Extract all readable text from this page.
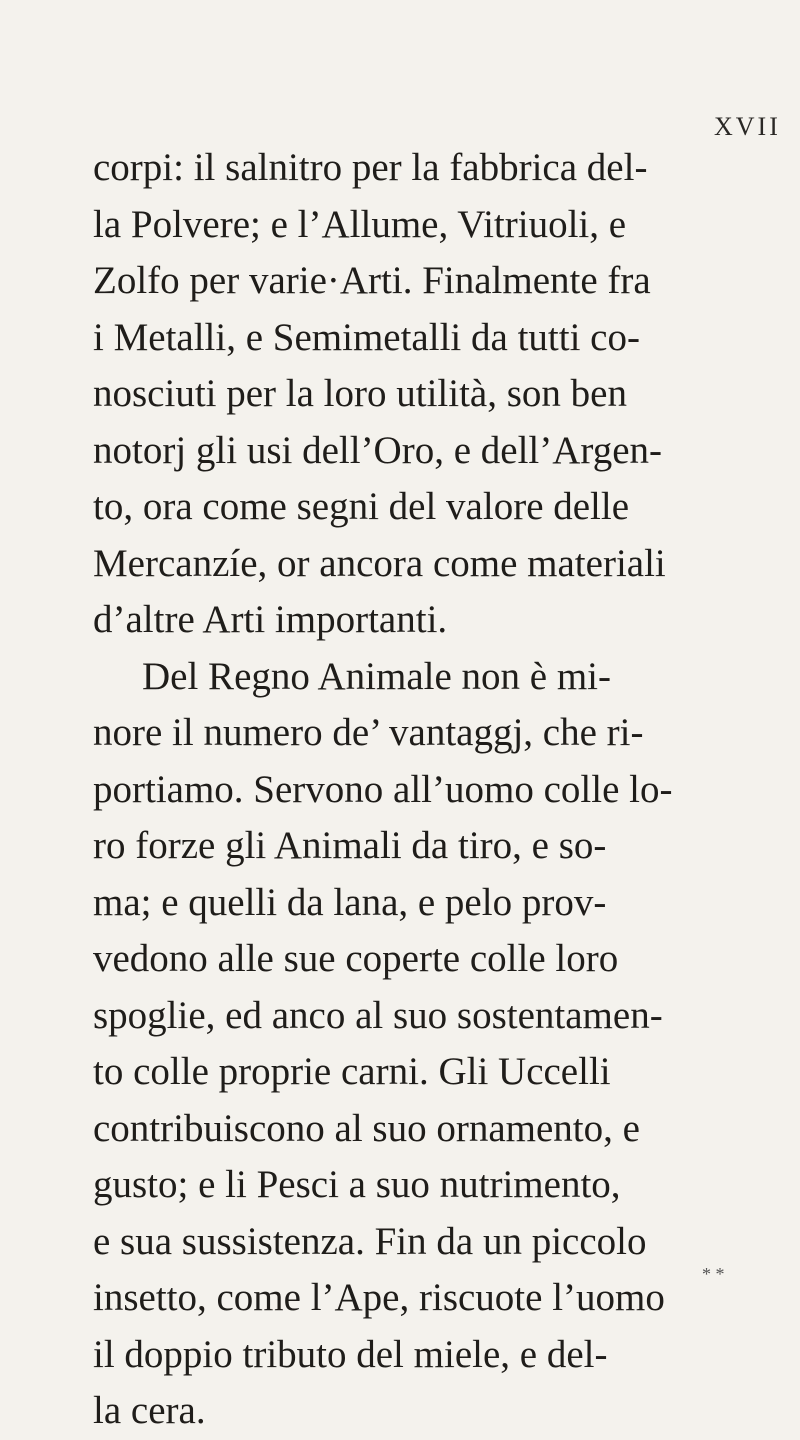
XVII
corpi: il salnitro per la fabbrica del-
la Polvere; e l’Allume, Vitriuoli, e
Zolfo per varie·Arti. Finalmente fra
i Metalli, e Semimetalli da tutti co-
nosciuti per la loro utilità, son ben
notorj gli usi dell’Oro, e dell’Argen-
to, ora come segni del valore delle
Mercanzíe, or ancora come materiali
d’altre Arti importanti.
Del Regno Animale non è mi-
nore il numero de’ vantaggj, che ri-
portiamo. Servono all’uomo colle lo-
ro forze gli Animali da tiro, e so-
ma; e quelli da lana, e pelo prov-
vedono alle sue coperte colle loro
spoglie, ed anco al suo sostentamen-
to colle proprie carni. Gli Uccelli
contribuiscono al suo ornamento, e
gusto; e li Pesci a suo nutrimento,
e sua sussistenza. Fin da un piccolo
insetto, come l’Ape, riscuote l’uomo
il doppio tributo del miele, e del-
la cera.
* *
